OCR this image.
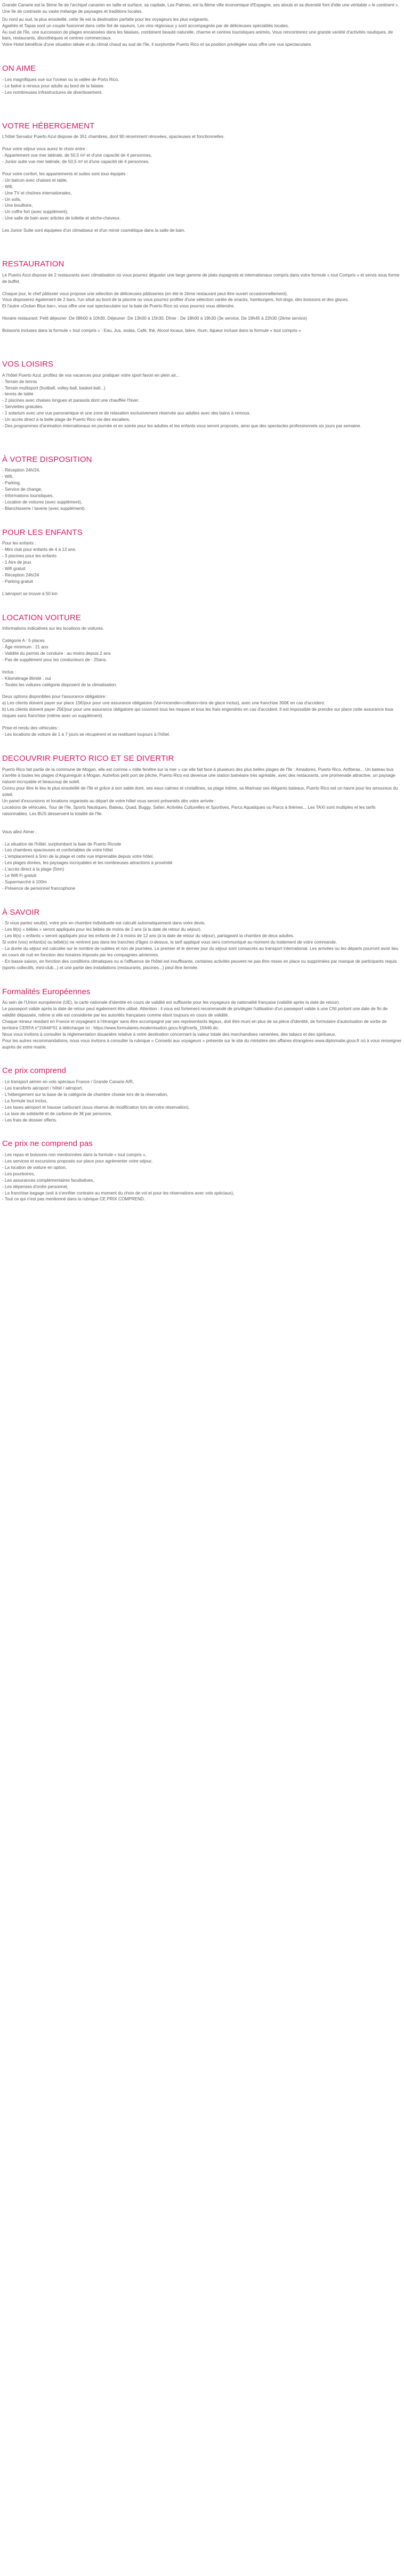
Grande Canarie est la 3ème île de l'archipel canarien en taille et surface, sa capitale, Las Palmas, est la 8ème ville économique d'Espagne, ses atouts et sa diversité font d'elle une véritable « le continent ». Une île de contraste au vaste mélange de paysages et traditions locales.

Du nord au sud, la plus ensoleillé, cette île est la destination parfaite pour les voyageurs les plus exigeants.

Agaëtés et Tapas sont un couple fusionnel dans cette îlot de saveurs. Les vins régionaux y sont accompagnés par de délicieuses spécialités locales.

Au sud de l'île, une succession de plages encaissées dans les falaises, combinent beauté naturelle, charme et centres touristiques animés. Vous rencontrerez une grande variété d'activités nautiques, de bars, restaurants, discothèques et centres commerciaux.

Votre Hotel bénéficie d'une situation idéale et du climat chaud au sud de l'île, il surplombe Puerto Rico et sa position privilégiée vous offre une vue spectaculaire.

ON AIME
- Les magnifiques vue sur l'océan ou la vallée de Porto Rico.
- Le balné à renous pour adulte au bord de la falaise.
- Les nombreuses infrastructures de divertissement.
VOTRE HÉBERGEMENT
L'hôtel Servatur Puerto Azul dispose de 351 chambres, dont 90 récemment rénovées, spacieuses et fonctionnelles.
Pour votre séjour vous aurez le choix entre :
- Appartement vue mer latérale, de 50,5 m² et d'une capacité de 4 personnes,
- Junior suite vue mer latérale, de 50,5 m² et d'une capacité de 4 personnes.
Pour votre confort, les appartements et suites sont tous équipés :
- Un balcon avec chaises et table,
- Wifi,
- Une TV et chaînes internationales,
- Un sofa,
- Une bouilloire,
- Un coffre fort (avec supplément),
- Une salle de bain avec articles de toilette et sèche-cheveux.
Les Junior Suite sont équipées d'un climatiseur et d'un miroir cosmétique dans la salle de bain.
RESTAURATION
Le Puerto Azul dispose de 2 restaurants avec climatisation où vous pourrez déguster une large gamme de plats espagnols et internationaux compris dans votre formule « tout Compris » et servis sous forme de buffet.
Chaque jour, le chef pâtissier vous propose une sélection de délicieuses pâtisseries (en été le 2ème restaurant peut être ouvert occasionnellement).
Vous disposerez également de 2 bars, l'un situé au bord de la piscine ou vous pourrez profiter d'une sélection variée de snacks, hamburgers, hot-dogs, des boissons et des glaces.
Et l'autre «Océan Blue bar», vous offre une vue spectaculaire sur la baie de Puerto Rico où vous pourrez vous détendre.
Horaire restaurant: Petit déjeuner :De 08h00 à 10h30, Déjeuner :De 13h00 à 15h30, Dîner : De 18h00 à 19h30 (3e service, De 19h45 à 22h30 (2ème service)
Boissons incluses dans la formule « tout compris » : Eau, Jus, sodas, Café, thé, Alcool locaux, bière, rhum, liqueur incluse dans la formule « tout compris »
VOS LOISIRS
A l'hôtel Puerto Azul, profitez de vos vacances pour pratiquer votre sport favori en plein air...
- Terrain de tennis
- Terrain multisport (football, volley-ball, basket-ball...)
- tennis de table
- 2 piscines avec chaises longues et parasols dont une chauffée l'hiver.
- Serviettes gratuites.
- 1 solarium avec une vue panoramique et une zone de relaxation exclusivement réservée aux adultes avec des bains à remous.
- Un accès direct à la belle plage de Puerto Rico via des escaliers.
- Des programmes d'animation internationaux en journée et en soirée pour les adultes et les enfants vous seront proposés, ainsi que des spectacles professionnels six jours par semaine.
À VOTRE DISPOSITION
- Réception 24h/24,
- Wifi,
- Parking,
- Service de change,
- Informations touristiques,
- Location de voitures (avec supplément),
- Blanchisserie / laverie (avec supplément).
POUR LES ENFANTS
Pour les enfants :
- Mini club pour enfants de 4 à 12 ans.
- 3 piscines pour les enfants
- 1 Aire de jeux
- Wifi gratuit
- Réception 24h/24
- Parking gratuit
L'aéroport se trouve à 50 km
LOCATION VOITURE
Informations indicatives sur les locations de voitures.
Catégorie A : 5 places
- Âge minimum : 21 ans
- Validité du permis de conduire : au moins depuis 2 ans
- Pas de supplément pour les conducteurs de - 25ans.
Inclus :
- Kilométrage illimité ; oui
- Toutes les voitures catégorie disposent de la climatisation.
Deux options disponibles pour l'assurance obligatoire :
a) Les clients doivent payer sur place 15€/jour pour une assurance obligatoire (Vol+incendie+collision+bris de glace inclus), avec une franchise 300€ en cas d'accident.
b) Les clients doivent payer 25€/jour pour une assurance obligatoire qui couvrent tous les risques et tous les frais engendrés en cas d'accident. Il est impossible de prendre sur place cette assurance tous risques sans franchise (même avec un supplément).
Prise et rendu des véhicules :
- Les locations de voiture de 1 à 7 jours se récupèrent et se restituent toujours à l'hôtel.
DECOUVRIR PUERTO RICO ET SE DIVERTIR
Puerto Rico fait partie de la commune de Mogan, elle est comme « mille fenêtre sur la mer » car elle fait face à plusieurs des plus belles plages de l'île : Amadores, Puerto Rico, Anfiteras... Un bateau bus s'arrête à toutes les plages d'Arguineguin à Mogan. Autrefois petit port de pêche, Puerto Rico est devenue une station balnéaire très agréable, avec des restaurants, une promenade attractive, un paysage naturel incroyable et beaucoup de soleil.
Connu pour être le lieu le plus ensoleillé de l'île et grâce à son sable doré, ses eaux calmes et cristallines, sa plage intime, sa Marinasi ses élégants bateaux, Puerto Rico est un havre pour les amoureux du soleil.
Un panel d'excursions et locations organisés au départ de votre hôtel vous seront présentés dès votre arrivée :
Locations de véhicules, Tour de l'île, Sports Nautiques, Bateau, Quad, Buggy, Safari, Activités Culturelles et Sportives, Parcs Aquatiques ou Parcs à thèmes... Les TAXI sont multiples et les tarifs raisonnables. Les BUS desservent la totalité de l'île.
Vous allez Aimer :
- La situation de l'hôtel, surplombant la baie de Puerto Ricode
- Les chambres spacieuses et confortables de votre hôtel
- L'emplacement à 5mn de la plage et cette vue imprenable depuis votre hôtel,
- Les plages dorées, les paysages incroyables et les nombreuses attractions à proximité
- L'accès direct à la plage (5mn)
- Le Wifi Fi gratuit
- Supermarché à 100m
- Présence de personnel francophone
À SAVOIR
- Si vous partez seul(e), votre prix en chambre individuelle est calculé automatiquement dans votre devis.
- Les lit(s) « bébés » seront appliqués pour les bébés de moins de 2 ans (à la date de retour du séjour).
- Les lit(s) « enfants » seront appliqués pour les enfants de 2 à moins de 12 ans (à la date de retour du séjour), partageant la chambre de deux adultes.
Si votre (vos) enfant(s) ou bébé(s) ne rentrent pas dans les tranches d'âges ci-dessus, le tarif appliqué vous sera communiqué au moment du traitement de votre commande.
- La durée du séjour est calculée sur le nombre de nuitées et non de journées. Le premier et le dernier jour du séjour sont consacrés au transport international. Les arrivées ou les départs pourront avoir lieu en cours de nuit en fonction des horaires imposés par les compagnies aériennes.
- En basse saison, en fonction des conditions climatiques ou si l'affluence de l'hôtel est insuffisante, certaines activités peuvent ne pas être mises en place ou supprimées par manque de participants requis (sports collectifs, mini-club...) et une partie des installations (restaurants, piscines...) peut être fermée.
Formalités Européennes
Au sein de l'Union européenne (UE), la carte nationale d'identité en cours de validité est suffisante pour les voyageurs de nationalité française (validité après la date de retour).
Le passeport valide après la date de retour peut également être utilisé. Attention : il vous est fortement recommandé de privilégier l'utilisation d'un passeport valide à une CNI portant une date de fin de validité dépassée, même si elle est considérée par les autorités françaises comme étant toujours en cours de validité.
Chaque mineur résidant en France et voyageant à l'étranger sans être accompagné par ses représentants légaux, doit être muni en plus de sa pièce d'identité, de formulaire d'autorisation de sortie de territoire CERFA n°15646*01 à télécharger ici : https://www.formulaires.modernisation.gouv.fr/gf/cerfa_15646.do.
Nous vous invitons à consulter la réglementation douanière relative à votre destination concernant la valeur totale des marchandises ramenées, des tabacs et des spiritueux.
Pour les autres recommandations, nous vous invitons à consulter la rubrique « Conseils aux voyageurs » présente sur le site du ministère des affaires étrangères www.diplomatie.gouv.fr où à vous renseigner auprès de votre mairie.
Ce prix comprend
- Le transport aérien en vols spéciaux France / Grande Canarie A/R,
- Les transferts aéroport / hôtel / aéroport,
- L'hébergement sur la base de la catégorie de chambre choisie lors de la réservation,
- La formule tout inclus,
- Les taxes aéroport et hausse carburant (sous réserve de modification lors de votre réservation),
- La taxe de solidarité et de carbone de 3€ par personne,
- Les frais de dossier offerts.
Ce prix ne comprend pas
- Les repas et boissons non mentionnées dans la formule « tout compris »,
- Les services et excursions proposés sur place pour agrémenter votre séjour,
- La location de voiture en option,
- Les pourboires,
- Les assurances complémentaires facultatives,
- Les dépenses d'ordre personnel,
- La franchise bagage (soit à s'enrêter contraire au moment du choix de vol et pour les réservations avec vols spéciaux),
- Tout ce qui n'est pas mentionné dans la rubrique CE PRIX COMPREND.
